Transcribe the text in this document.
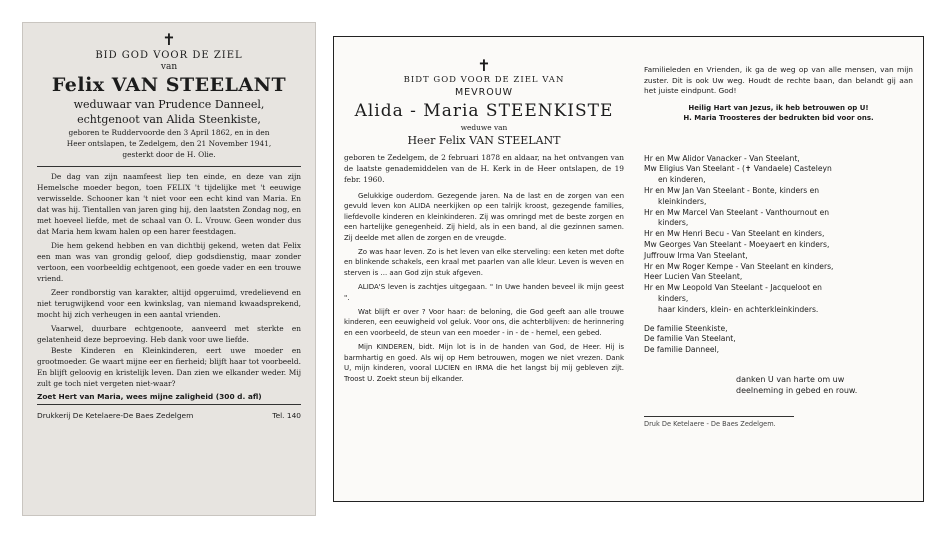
✝
BID GOD VOOR DE ZIEL
van
Felix VAN STEELANT
weduwaar van Prudence Danneel,
echtgenoot van Alida Steenkiste,
geboren te Ruddervoorde den 3 April 1862, en in den
Heer ontslapen, te Zedelgem, den 21 November 1941,
gesterkt door de H. Olie.

De dag van zijn naamfeest liep ten einde, en deze van zijn Hemelsche moeder begon, toen FELIX 't tijdelijke met 't eeuwige verwisselde. Schooner kan 't niet voor een echt kind van Maria. En dat was hij. Tientallen van jaren ging hij, den laatsten Zondag nog, en met hoeveel liefde, met de schaal van O. L. Vrouw. Geen wonder dus dat Maria hem kwam halen op een harer feestdagen.

Die hem gekend hebben en van dichtbij gekend, weten dat Felix een man was van grondig geloof, diep godsdienstig, maar zonder vertoon, een voorbeeldig echtgenoot, een goede vader en een trouwe vriend.

Zeer rondborstig van karakter, altijd opgeruimd, vredelievend en niet terugwijkend voor een kwinkslag, van niemand kwaadsprekend, mocht hij zich verheugen in een aantal vrienden.

Vaarwel, duurbare echtgenoote, aanveerd met sterkte en gelatenheid deze beproeving. Heb dank voor uwe liefde.

Beste Kinderen en Kleinkinderen, eert uwe moeder en grootmoeder. Ge waart mijne eer en fierheid; blijft haar tot voorbeeld. En blijft geloovig en kristelijk leven. Dan zien we elkander weder. Mij zult ge toch niet vergeten niet-waar?

Zoet Hert van Maria, wees mijne zaligheid (300 d. afl)
Drukkerij De Ketelaere-De Baes Zedelgem	Tel. 140
✝
BIDT GOD VOOR DE ZIEL VAN
MEVROUW
Alida - Maria STEENKISTE
weduwe van
Heer Felix VAN STEELANT

geboren te Zedelgem, de 2 februari 1878 en aldaar, na het ontvangen van de laatste genademiddelen van de H. Kerk in de Heer ontslapen, de 19 febr. 1960.

Gelukkige ouderdom. Gezegende jaren. Na de last en de zorgen van een gevuld leven kon ALIDA neerkijken op een talrijk kroost, gezegende families, liefdevolle kinderen en kleinkinderen. Zij was omringd met de beste zorgen en een hartelijke genegenheid. Zij hield, als in een band, al die gezinnen samen. Zij deelde met allen de zorgen en de vreugde.

Zo was haar leven. Zo is het leven van elke sterveling: een keten met dofte en blinkende schakels, een kraal met paarlen van alle kleur. Leven is weven en sterven is ... aan God zijn stuk afgeven.

ALIDA'S leven is zachtjes uitgegaan. " In Uwe handen beveel ik mijn geest ".

Wat blijft er over ? Voor haar: de beloning, die God geeft aan alle trouwe kinderen, een eeuwigheid vol geluk. Voor ons, die achterblijven: de herinnering en een voorbeeld, de steun van een moeder - in - de - hemel, een gebed.

Mijn KINDEREN, bidt. Mijn lot is in de handen van God, de Heer. Hij is barmhartig en goed. Als wij op Hem betrouwen, mogen we niet vrezen. Dank U, mijn kinderen, vooral LUCIEN en IRMA die het langst bij mij gebleven zijt. Troost U. Zoekt steun bij elkander.

Familieleden en Vrienden, ik ga de weg op van alle mensen, van mijn zuster. Dit is ook Uw weg. Houdt de rechte baan, dan belandt gij aan het juiste eindpunt. God!

Heilig Hart van Jezus, ik heb betrouwen op U!
H. Maria Troosteres der bedrukten bid voor ons.
Hr en Mw Alidor Vanacker - Van Steelant,
Mw Eligius Van Steelant - (✝ Vandaele) Casteleyn
en kinderen,
Hr en Mw Jan Van Steelant - Bonte, kinders en
kleinkinders,
Hr en Mw Marcel Van Steelant - Vanthournout en
kinders,
Hr en Mw Henri Becu - Van Steelant en kinders,
Mw Georges Van Steelant - Moeyaert en kinders,
Juffrouw Irma Van Steelant,
Hr en Mw Roger Kempe - Van Steelant en kinders,
Heer Lucien Van Steelant,
Hr en Mw Leopold Van Steelant - Jacqueloot en
kinders,
haar kinders, klein- en achterkleinkinders.
De familie Steenkiste,
De familie Van Steelant,
De familie Danneel,
danken U van harte om uw
deelneming in gebed en rouw.
Druk De Ketelaere - De Baes Zedelgem.
